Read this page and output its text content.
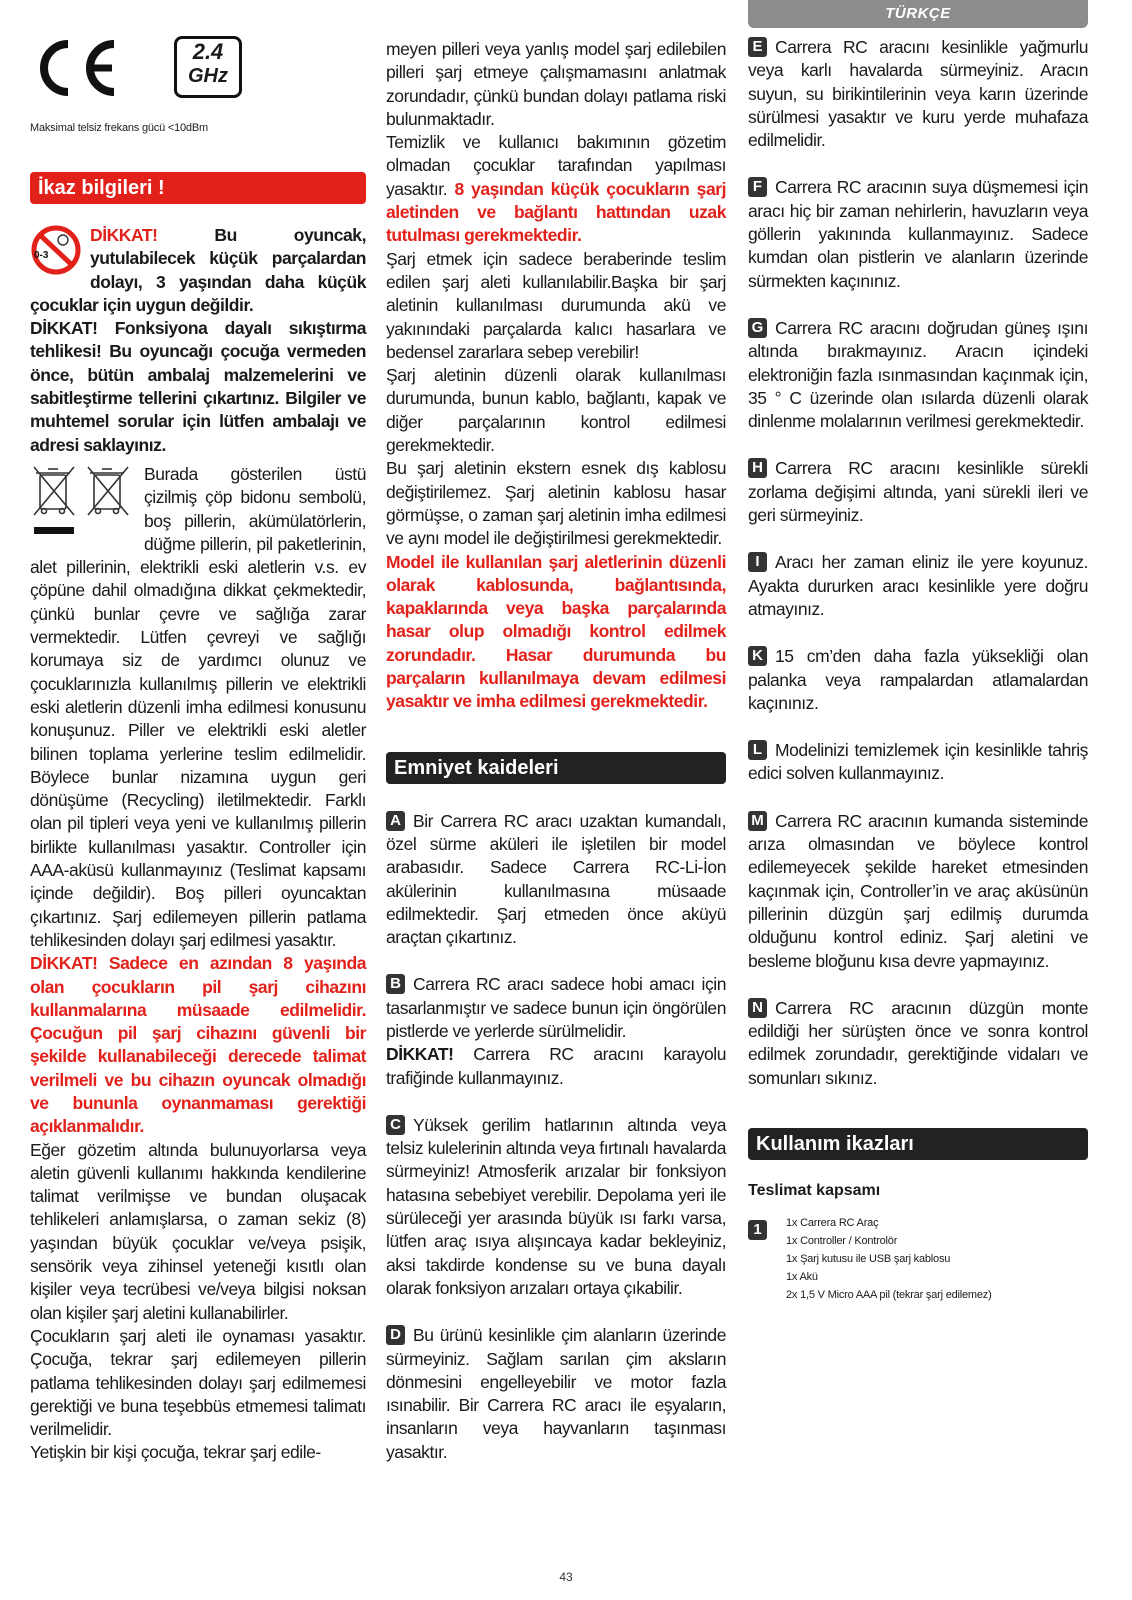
2.4
GHz
Maksimal telsiz frekans gücü <10dBm
İkaz bilgileri !
0-3

DİKKAT! Bu oyuncak, yutulabilecek küçük parçalardan dolayı, 3 yaşından daha küçük çocuklar için uygun değildir.

DİKKAT! Fonksiyona dayalı sıkıştırma tehlikesi! Bu oyuncağı çocuğa vermeden önce, bütün ambalaj malzemelerini ve sabitleştirme tellerini çıkartınız. Bilgiler ve muhtemel sorular için lütfen ambalajı ve adresi saklayınız.

Burada gösterilen üstü çizilmiş çöp bidonu sembolü, boş pillerin, akümülatörlerin, düğme pillerin, pil paketlerinin, alet pillerinin, elektrikli eski aletlerin v.s. ev çöpüne dahil olmadığına dikkat çekmektedir, çünkü bunlar çevre ve sağlığa zarar vermektedir. Lütfen çevreyi ve sağlığı korumaya siz de yardımcı olunuz ve çocuklarınızla kullanılmış pillerin ve elektrikli eski aletlerin düzenli imha edilmesi konusunu konuşunuz. Piller ve elektrikli eski aletler bilinen toplama yerlerine teslim edilmelidir. Böylece bunlar nizamına uygun geri dönüşüme (Recycling) iletilmektedir. Farklı olan pil tipleri veya yeni ve kullanılmış pillerin birlikte kullanılması yasaktır. Controller için AAA-aküsü kullanmayınız (Teslimat kapsamı içinde değildir). Boş pilleri oyuncaktan çıkartınız. Şarj edilemeyen pillerin patlama tehlikesinden dolayı şarj edilmesi yasaktır.

DİKKAT! Sadece en azından 8 yaşında olan çocukların pil şarj cihazını kullanmalarına müsaade edilmelidir. Çocuğun pil şarj cihazını güvenli bir şekilde kullanabileceği derecede talimat verilmeli ve bu cihazın oyuncak olmadığı ve bununla oynanmaması gerektiği açıklanmalıdır.

Eğer gözetim altında bulunuyorlarsa veya aletin güvenli kullanımı hakkında kendilerine talimat verilmişse ve bundan oluşacak tehlikeleri anlamışlarsa, o zaman sekiz (8) yaşından büyük çocuklar ve/veya psişik, sensörik veya zihinsel yeteneği kısıtlı olan kişiler veya tecrübesi ve/veya bilgisi noksan olan kişiler şarj aletini kullanabilirler.

Çocukların şarj aleti ile oynaması yasaktır. Çocuğa, tekrar şarj edilemeyen pillerin patlama tehlikesinden dolayı şarj edilmemesi gerektiği ve buna teşebbüs etmemesi talimatı verilmelidir.

Yetişkin bir kişi çocuğa, tekrar şarj edile-

meyen pilleri veya yanlış model şarj edilebilen pilleri şarj etmeye çalışmamasını anlatmak zorundadır, çünkü bundan dolayı patlama riski bulunmaktadır.

Temizlik ve kullanıcı bakımının gözetim olmadan çocuklar tarafından yapılması yasaktır. 8 yaşından küçük çocukların şarj aletinden ve bağlantı hattından uzak tutulması gerekmektedir.

Şarj etmek için sadece beraberinde teslim edilen şarj aleti kullanılabilir.Başka bir şarj aletinin kullanılması durumunda akü ve yakınındaki parçalarda kalıcı hasarlara ve bedensel zararlara sebep verebilir!

Şarj aletinin düzenli olarak kullanılması durumunda, bunun kablo, bağlantı, kapak ve diğer parçalarının kontrol edilmesi gerekmektedir.

Bu şarj aletinin ekstern esnek dış kablosu değiştirilemez. Şarj aletinin kablosu hasar görmüşse, o zaman şarj aletinin imha edilmesi ve aynı model ile değiştirilmesi gerekmektedir.

Model ile kullanılan şarj aletlerinin düzenli olarak kablosunda, bağlantısında, kapaklarında veya başka parçalarında hasar olup olmadığı kontrol edilmek zorundadır. Hasar durumunda bu parçaların kullanılmaya devam edilmesi yasaktır ve imha edilmesi gerekmektedir.

Emniyet kaideleri

A Bir Carrera RC aracı uzaktan kumandalı, özel sürme aküleri ile işletilen bir model arabasıdır. Sadece Carrera RC-Li-İon akülerinin kullanılmasına müsaade edilmektedir. Şarj etmeden önce aküyü araçtan çıkartınız.

B Carrera RC aracı sadece hobi amacı için tasarlanmıştır ve sadece bunun için öngörülen pistlerde ve yerlerde sürülmelidir.

DİKKAT! Carrera RC aracını karayolu trafiğinde kullanmayınız.

C Yüksek gerilim hatlarının altında veya telsiz kulelerinin altında veya fırtınalı havalarda sürmeyiniz! Atmosferik arızalar bir fonksiyon hatasına sebebiyet verebilir. Depolama yeri ile sürüleceği yer arasında büyük ısı farkı varsa, lütfen araç ısıya alışıncaya kadar bekleyiniz, aksi takdirde kondense su ve buna dayalı olarak fonksiyon arızaları ortaya çıkabilir.

D Bu ürünü kesinlikle çim alanların üzerinde sürmeyiniz. Sağlam sarılan çim aksların dönmesini engelleyebilir ve motor fazla ısınabilir. Bir Carrera RC aracı ile eşyaların, insanların veya hayvanların taşınması yasaktır.

TÜRKÇE

E Carrera RC aracını kesinlikle yağmurlu veya karlı havalarda sürmeyiniz. Aracın suyun, su birikintilerinin veya karın üzerinde sürülmesi yasaktır ve kuru yerde muhafaza edilmelidir.

F Carrera RC aracının suya düşmemesi için aracı hiç bir zaman nehirlerin, havuzların veya göllerin yakınında kullanmayınız. Sadece kumdan olan pistlerin ve alanların üzerinde sürmekten kaçınınız.

G Carrera RC aracını doğrudan güneş ışını altında bırakmayınız. Aracın içindeki elektroniğin fazla ısınmasından kaçınmak için, 35 ° C üzerinde olan ısılarda düzenli olarak dinlenme molalarının verilmesi gerekmektedir.

H Carrera RC aracını kesinlikle sürekli zorlama değişimi altında, yani sürekli ileri ve geri sürmeyiniz.

I Aracı her zaman eliniz ile yere koyunuz. Ayakta dururken aracı kesinlikle yere doğru atmayınız.

K 15 cm’den daha fazla yüksekliği olan palanka veya rampalardan atlamalardan kaçınınız.

L Modelinizi temizlemek için kesinlikle tahriş edici solven kullanmayınız.

M Carrera RC aracının kumanda sisteminde arıza olmasından ve böylece kontrol edilemeyecek şekilde hareket etmesinden kaçınmak için, Controller’in ve araç aküsünün pillerinin düzgün şarj edilmiş durumda olduğunu kontrol ediniz. Şarj aletini ve besleme bloğunu kısa devre yapmayınız.

N Carrera RC aracının düzgün monte edildiği her sürüşten önce ve sonra kontrol edilmek zorundadır, gerektiğinde vidaları ve somunları sıkınız.

Kullanım ikazları
Teslimat kapsamı
1	1x Carrera RC Araç

1x Controller / Kontrolör

1x Şarj kutusu ile USB şarj kablosu

1x Akü

2x 1,5 V Micro AAA pil (tekrar şarj edilemez)

43
